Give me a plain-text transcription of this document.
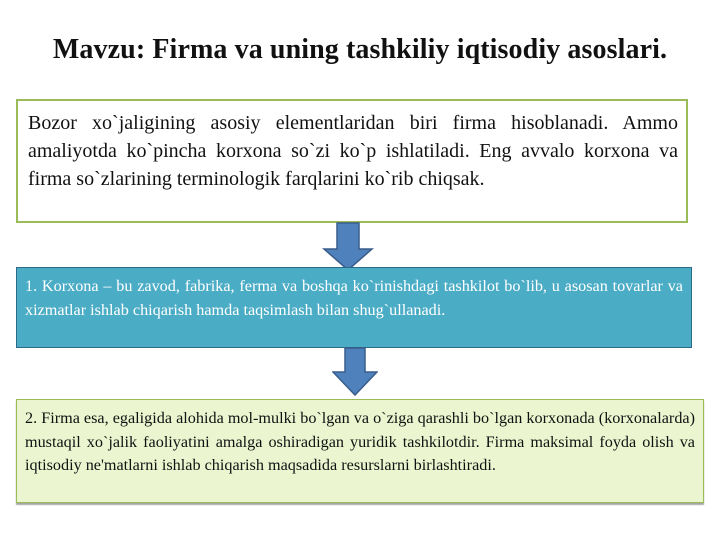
Mavzu: Firma va uning tashkiliy iqtisodiy asoslari.
Bozor xo`jaligining asosiy elementlaridan biri firma hisoblanadi. Ammo amaliyotda ko`pincha korxona so`zi ko`p ishlatiladi. Eng avvalo korxona va firma so`zlarining terminologik farqlarini ko`rib chiqsak.
1. Korxona – bu zavod, fabrika, ferma va boshqa ko`rinishdagi tashkilot bo`lib, u asosan tovarlar va xizmatlar ishlab chiqarish hamda taqsimlash bilan shug`ullanadi.
2. Firma esa, egaligida alohida mol-mulki bo`lgan va o`ziga qarashli bo`lgan korxonada (korxonalarda) mustaqil xo`jalik faoliyatini amalga oshiradigan yuridik tashkilotdir. Firma maksimal foyda olish va iqtisodiy ne'matlarni ishlab chiqarish maqsadida resurslarni birlashtiradi.
